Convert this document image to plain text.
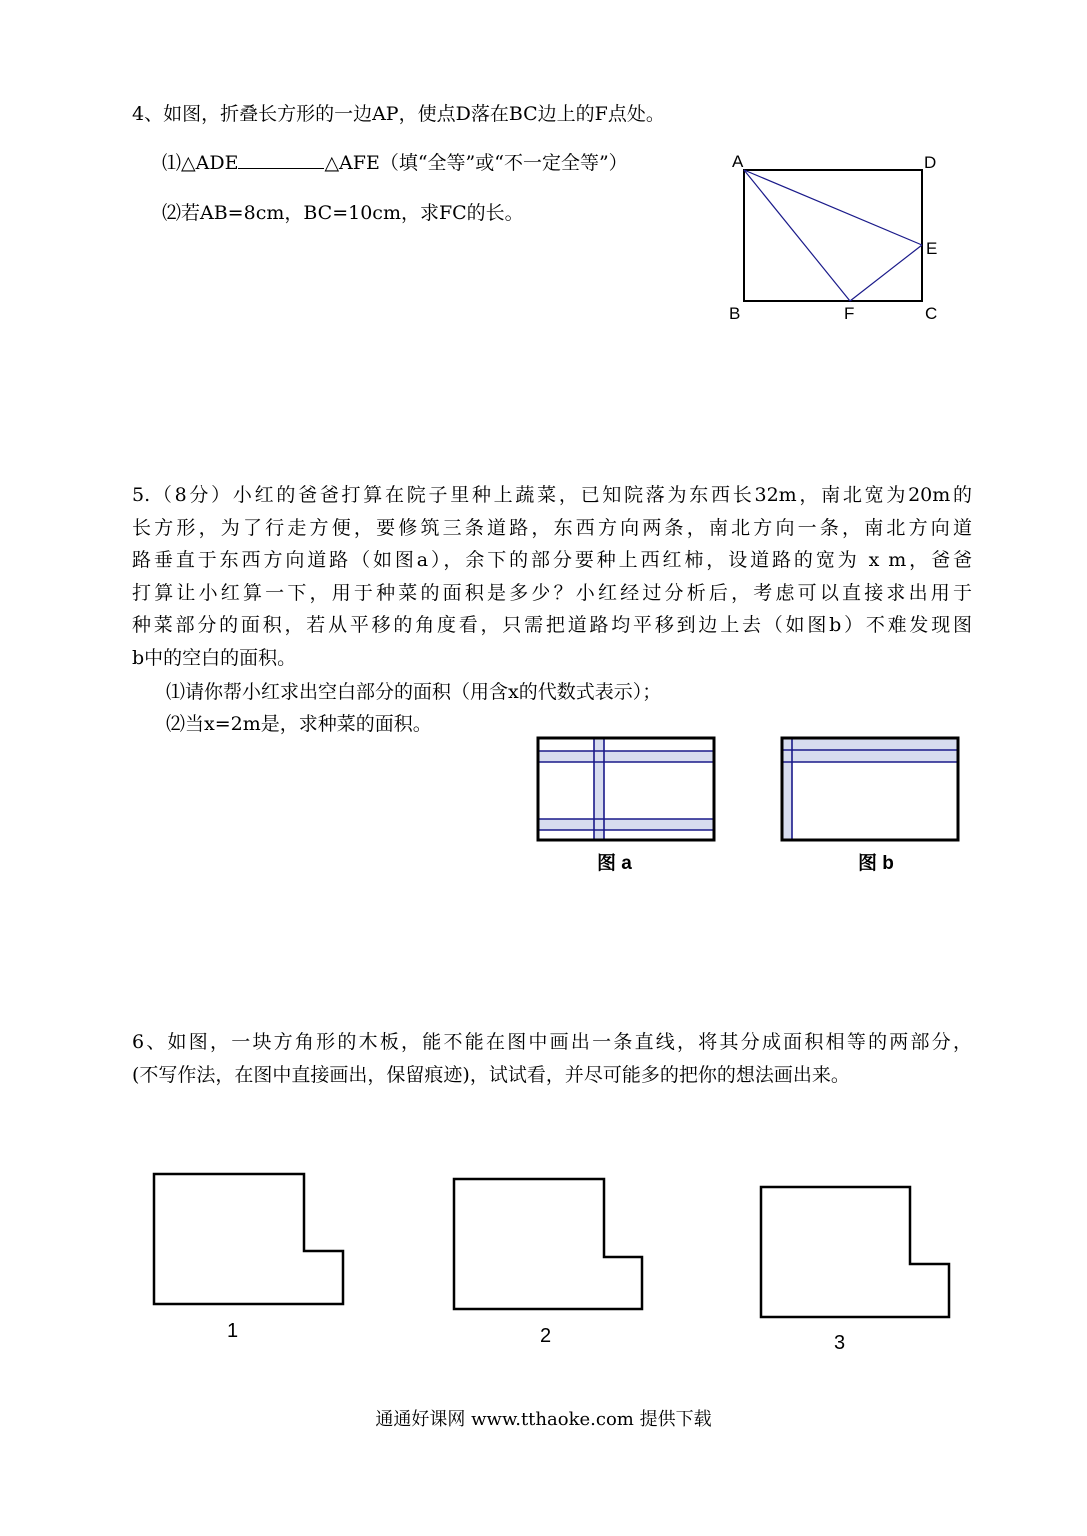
4、如图，折叠长方形的一边AP，使点D落在BC边上的F点处。
⑴△ADE	△AFE（填“全等”或“不一定全等”）
⑵若AB=8cm，BC=10cm，求FC的长。
A	D
E
B	F	C

5.（8分）小红的爸爸打算在院子里种上蔬菜，已知院落为东西长32m，南北宽为20m的

长方形，为了行走方便，要修筑三条道路，东西方向两条，南北方向一条，南北方向道

路垂直于东西方向道路（如图a），余下的部分要种上西红柿，设道路的宽为 x m，爸爸

打算让小红算一下，用于种菜的面积是多少？小红经过分析后，考虑可以直接求出用于

种菜部分的面积，若从平移的角度看，只需把道路均平移到边上去（如图b）不难发现图

b中的空白的面积。

⑴请你帮小红求出空白部分的面积（用含x的代数式表示）；
⑵当x=2m是，求种菜的面积。
图 a	图 b

6、如图，一块方角形的木板，能不能在图中画出一条直线，将其分成面积相等的两部分，

(不写作法，在图中直接画出，保留痕迹)，试试看，并尽可能多的把你的想法画出来。

1	2	3
通通好课网 www.tthaoke.com 提供下载
